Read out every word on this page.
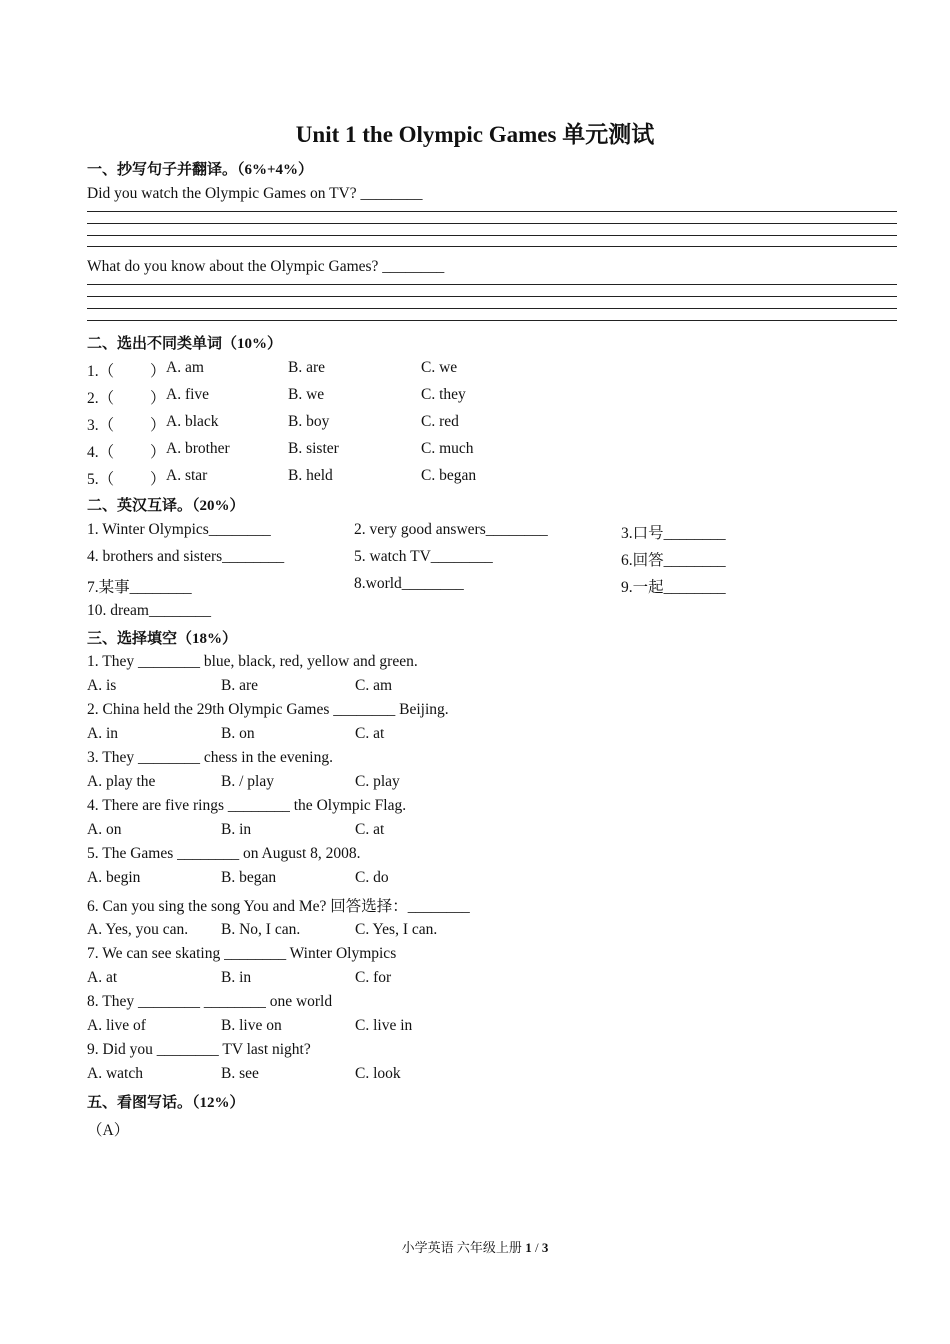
Unit 1 the Olympic Games 单元测试
一、抄写句子并翻译。（6%+4%）
Did you watch the Olympic Games on TV? ________
What do you know about the Olympic Games? ________
二、选出不同类单词（10%）
1.（ ） A. am	B. are	C. we
2.（ ） A. five	B. we	C. they
3.（ ） A. black	B. boy	C. red
4.（ ） A. brother	B. sister	C. much
5.（ ） A. star	B. held	C. began
二、英汉互译。（20%）
1. Winter Olympics________	2. very good answers________	3.口号________
4. brothers and sisters________	5. watch TV________	6.回答________
7.某事________	8.world________	9.一起________
10. dream________
三、选择填空（18%）
1. They ________ blue, black, red, yellow and green.
A. is	B. are	C. am
2. China held the 29th Olympic Games ________ Beijing.
A. in	B. on	C. at
3. They ________ chess in the evening.
A. play the	B. / play	C. play
4. There are five rings ________ the Olympic Flag.
A. on	B. in	C. at
5. The Games ________ on August 8, 2008.
A. begin	B. began	C. do
6. Can you sing the song You and Me? 回答选择：________
A. Yes, you can. B. No, I can.	C. Yes, I can.
7. We can see skating ________ Winter Olympics
A. at	B. in	C. for
8. They ________ ________ one world
A. live of	B. live on	C. live in
9. Did you ________ TV last night?
A. watch	B. see	C. look
五、看图写话。（12%）
（A）
小学英语 六年级上册 1 / 3
